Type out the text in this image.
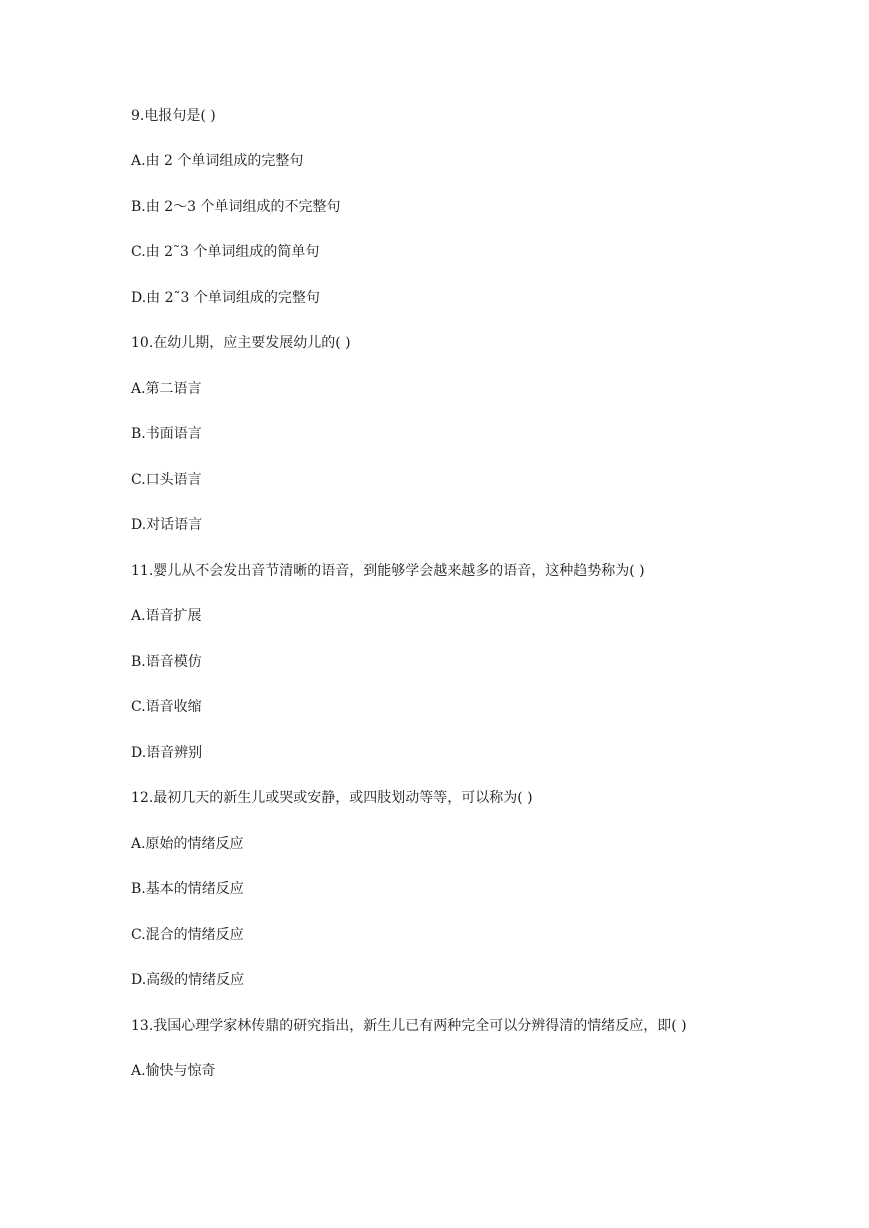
9.电报句是( )
A.由 2 个单词组成的完整句
B.由 2～3 个单词组成的不完整句
C.由 2˜3 个单词组成的简单句
D.由 2˜3 个单词组成的完整句
10.在幼儿期，应主要发展幼儿的( )
A.第二语言
B.书面语言
C.口头语言
D.对话语言
11.婴儿从不会发出音节清晰的语音，到能够学会越来越多的语音，这种趋势称为( )
A.语音扩展
B.语音模仿
C.语音收缩
D.语音辨别
12.最初几天的新生儿或哭或安静，或四肢划动等等，可以称为( )
A.原始的情绪反应
B.基本的情绪反应
C.混合的情绪反应
D.高级的情绪反应
13.我国心理学家林传鼎的研究指出，新生儿已有两种完全可以分辨得清的情绪反应，即( )
A.愉快与惊奇
